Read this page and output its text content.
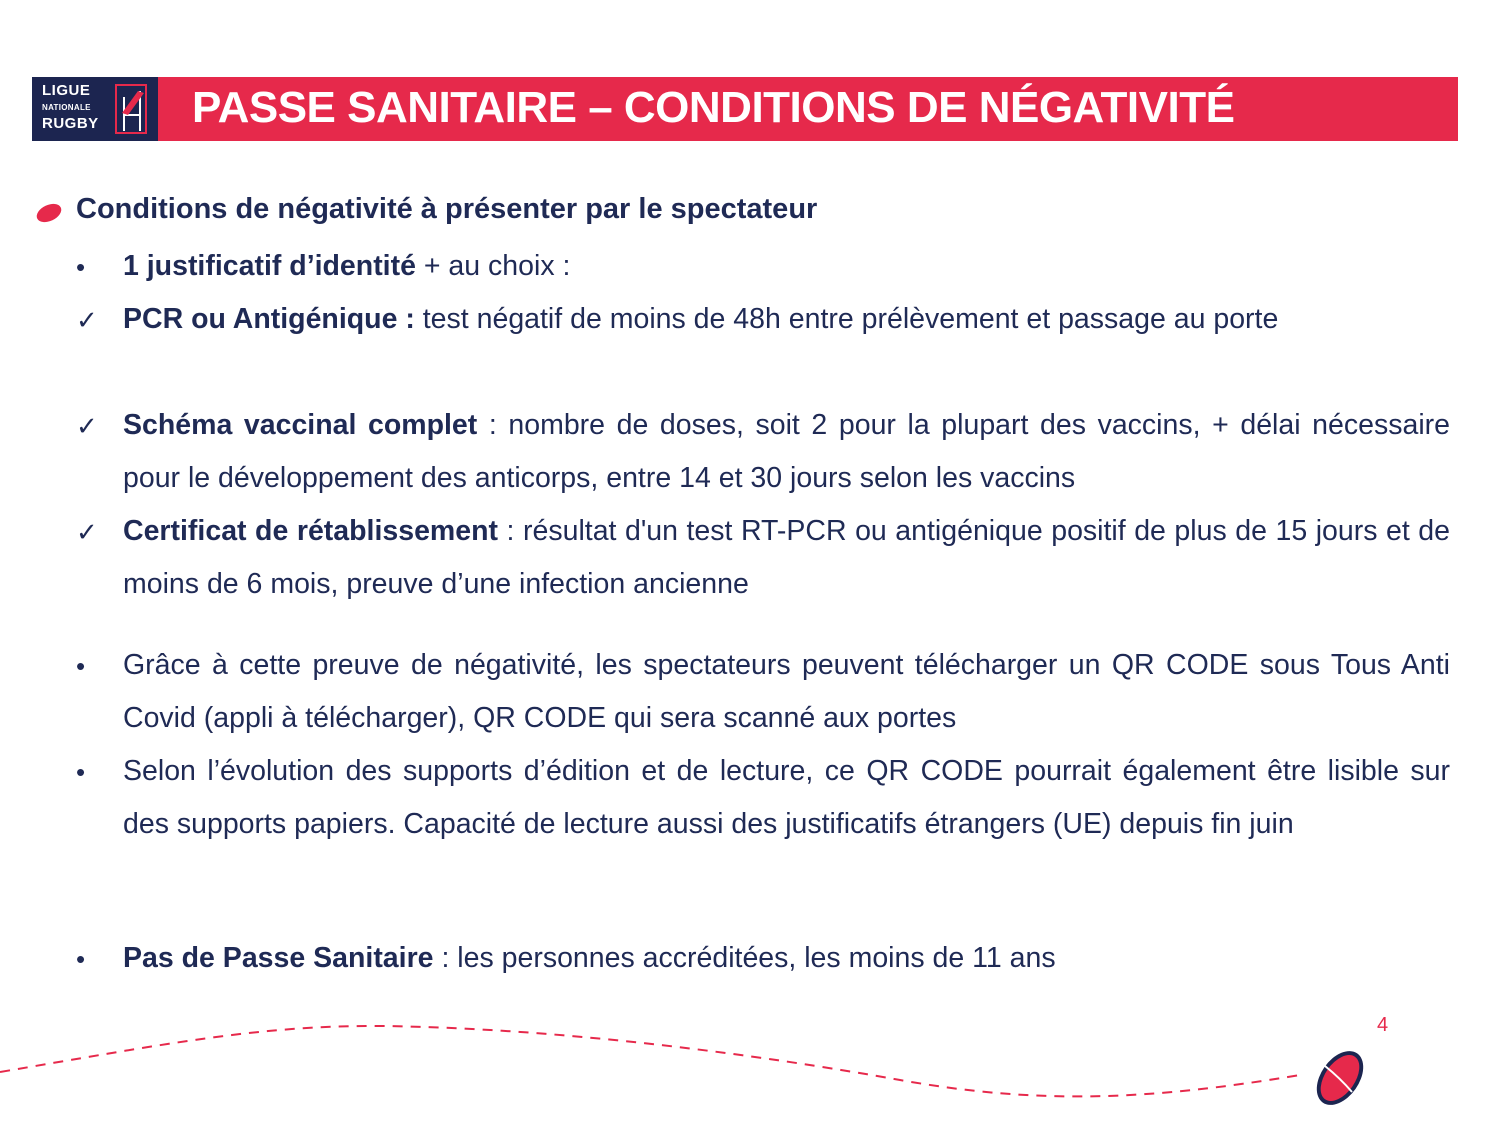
LIGUE
NATIONALE
RUGBY PASSE SANITAIRE – CONDITIONS DE NÉGATIVITÉ
Conditions de négativité à présenter par le spectateur
• 1 justificatif d’identité + au choix :
✓ PCR ou Antigénique : test négatif de moins de 48h entre prélèvement et passage au porte
✓ Schéma vaccinal complet : nombre de doses, soit 2 pour la plupart des vaccins, + délai nécessaire pour le développement des anticorps, entre 14 et 30 jours selon les vaccins
✓ Certificat de rétablissement : résultat d'un test RT-PCR ou antigénique positif de plus de 15 jours et de moins de 6 mois, preuve d’une infection ancienne
• Grâce à cette preuve de négativité, les spectateurs peuvent télécharger un QR CODE sous Tous Anti Covid (appli à télécharger), QR CODE qui sera scanné aux portes
• Selon l’évolution des supports d’édition et de lecture, ce QR CODE pourrait également être lisible sur des supports papiers. Capacité de lecture aussi des justificatifs étrangers (UE) depuis fin juin
• Pas de Passe Sanitaire : les personnes accréditées, les moins de 11 ans
4
